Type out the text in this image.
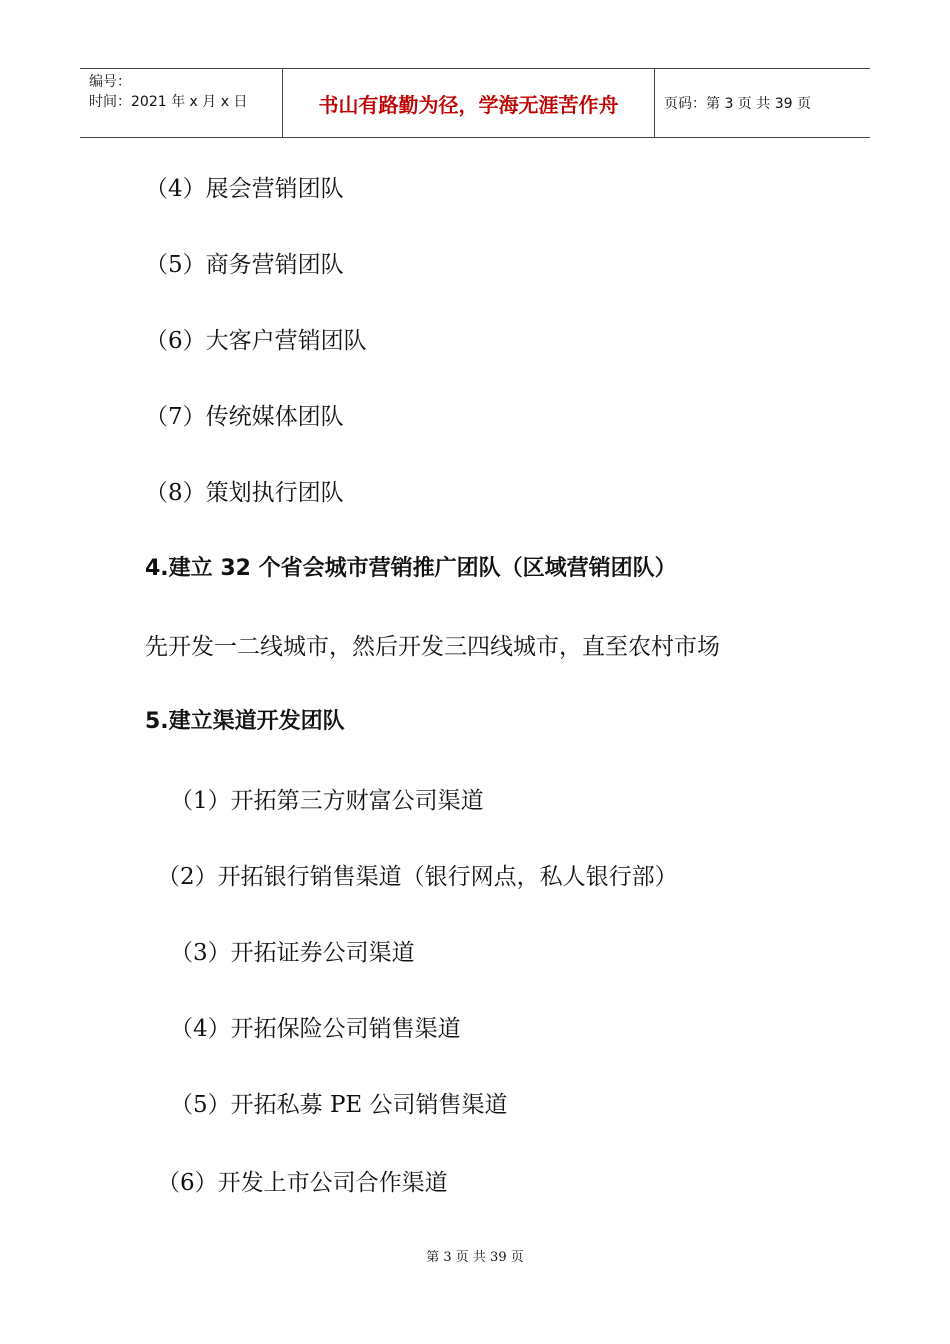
编号：
时间：2021 年 x 月 x 日	书山有路勤为径，学海无涯苦作舟	页码：第 3 页 共 39 页
（4）展会营销团队
（5）商务营销团队
（6）大客户营销团队
（7）传统媒体团队
（8）策划执行团队
4.建立 32 个省会城市营销推广团队（区域营销团队）
先开发一二线城市，然后开发三四线城市，直至农村市场
5.建立渠道开发团队
（1）开拓第三方财富公司渠道
（2）开拓银行销售渠道（银行网点，私人银行部）
（3）开拓证券公司渠道
（4）开拓保险公司销售渠道
（5）开拓私募 PE 公司销售渠道
（6）开发上市公司合作渠道
第 3 页 共 39 页
